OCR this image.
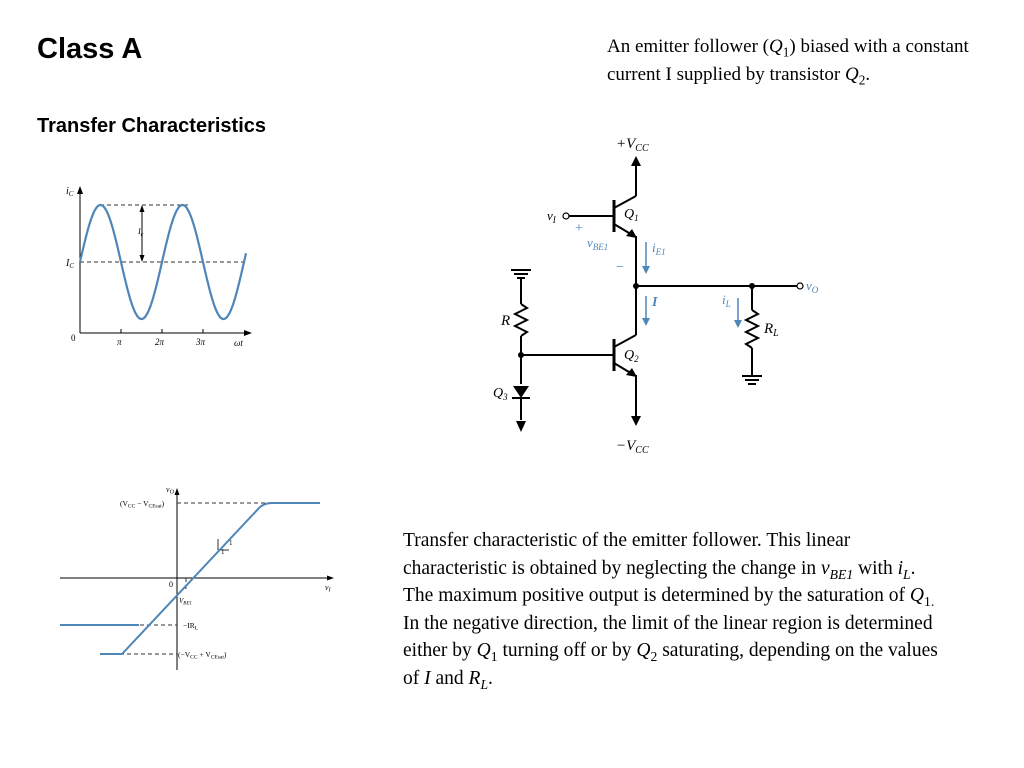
Class A
Transfer Characteristics
An emitter follower $(Q_1)$ biased with a constant current I supplied by transistor $Q_2$.
Transfer characteristic of the emitter follower. This linear characteristic is obtained by neglecting the change in $v_{BE1}$ with $i_L$. The maximum positive output is determined by the saturation of $Q_{1.}$ In the negative direction, the limit of the linear region is determined either by $Q_1$ turning off or by $Q_2$ saturating, depending on the values of I and $R_L$.
$i_C$
$I_C$
$I_c$
0	π	2π	3π	ωt
vO
vI
0
$(V_{CC} - V_{CEsat})$
$V_{BE1}$
$-IR_L$
$(-V_{CC} + V_{CEsat})$
1
1
$+V_{CC}$
$-V_{CC}$
$v_I$	$Q_1$
$Q_2$
$Q_3$
+
−
$v_{BE1}$	$i_{E1}$
I	$i_L$
R	$R_L$
$v_O$
